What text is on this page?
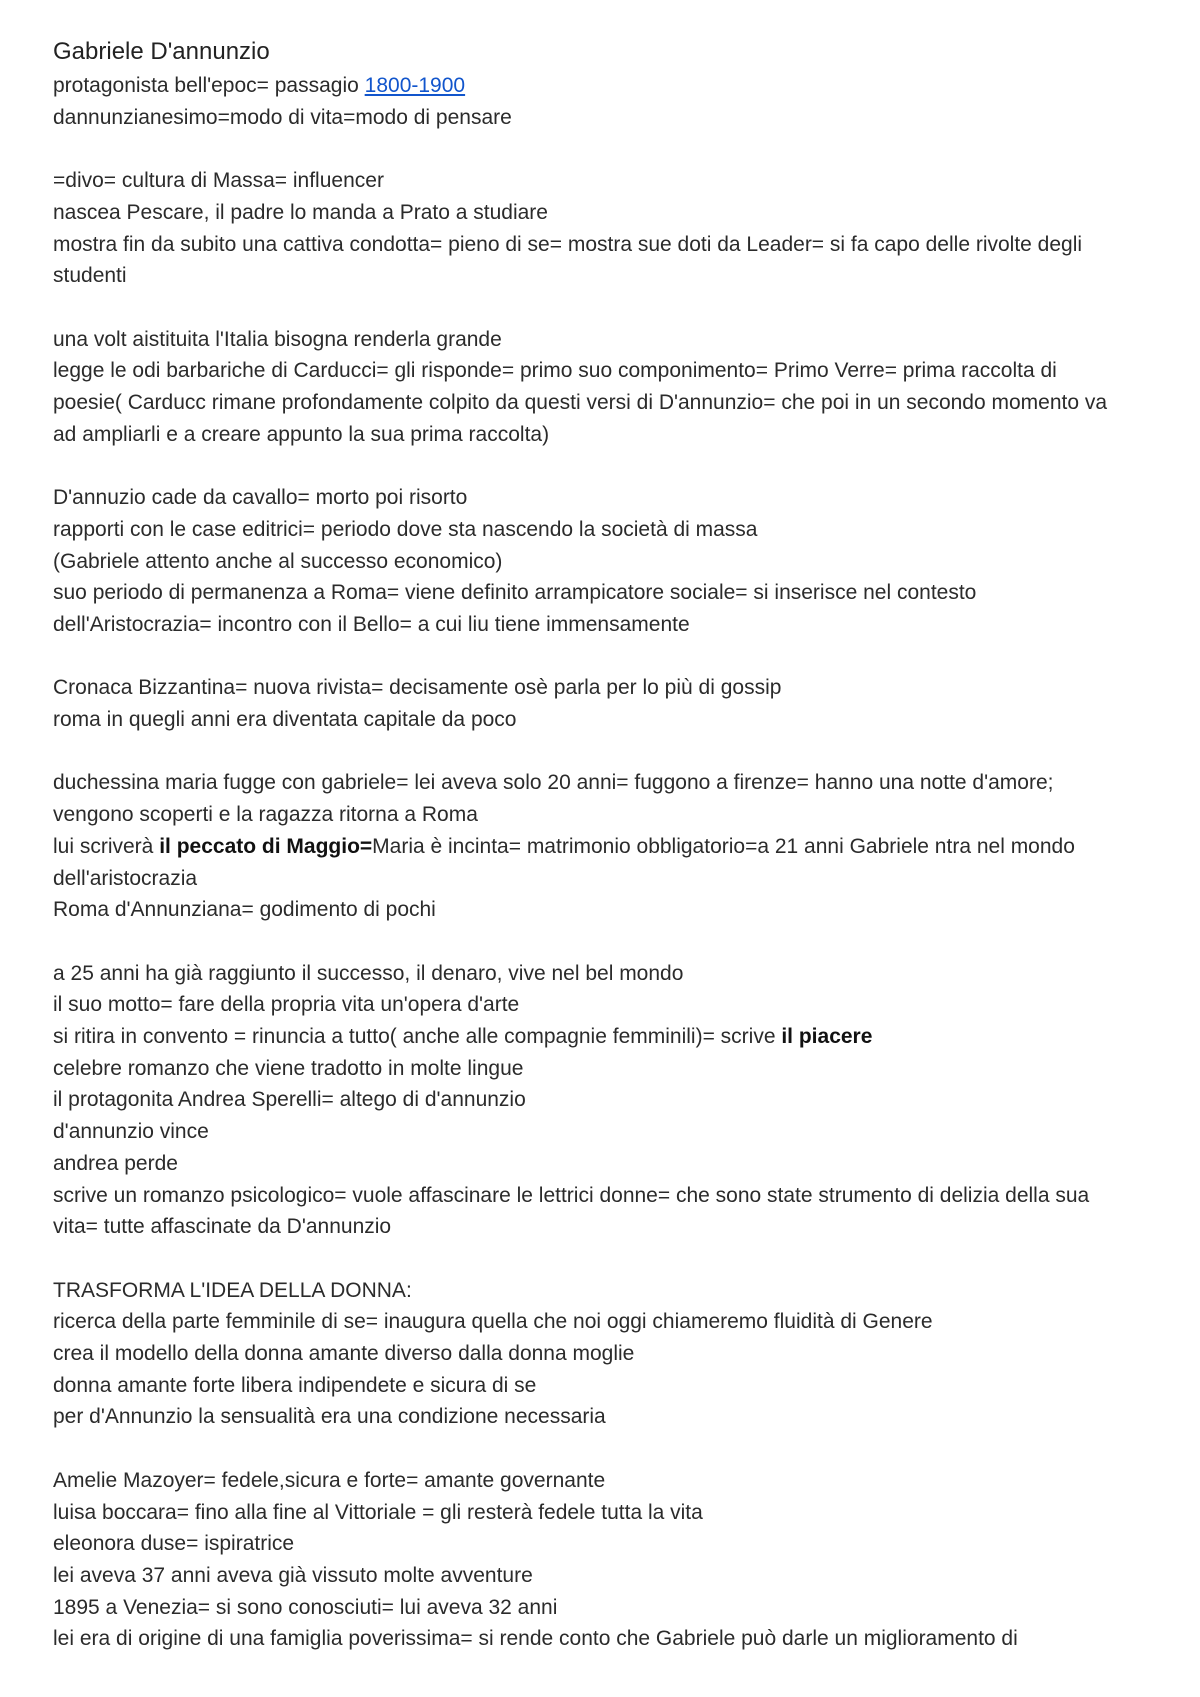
Gabriele D'annunzio

protagonista bell'epoc= passagio 1800-1900

dannunzianesimo=modo di vita=modo di pensare

=divo= cultura di Massa= influencer

nascea Pescare, il padre lo manda a Prato a studiare

mostra fin da subito una cattiva condotta= pieno di se= mostra sue doti da Leader= si fa capo delle rivolte degli studenti

una volt aistituita l'Italia bisogna renderla grande

legge le odi barbariche di Carducci= gli risponde= primo suo componimento= Primo Verre= prima raccolta di poesie( Carducc rimane profondamente colpito da questi versi di D'annunzio= che poi in un secondo momento va ad ampliarli e a creare appunto la sua prima raccolta)

D'annuzio cade da cavallo= morto poi risorto

rapporti con le case editrici= periodo dove sta nascendo la società di massa

(Gabriele attento anche al successo economico)

suo periodo di permanenza a Roma= viene definito arrampicatore sociale= si inserisce nel contesto dell'Aristocrazia= incontro con il Bello= a cui liu tiene immensamente

Cronaca Bizzantina= nuova rivista= decisamente osè parla per lo più di gossip

roma in quegli anni era diventata capitale da poco

duchessina maria fugge con gabriele= lei aveva solo 20 anni= fuggono a firenze= hanno una notte d'amore; vengono scoperti e la ragazza ritorna a Roma

lui scriverà il peccato di Maggio=Maria è incinta= matrimonio obbligatorio=a 21 anni Gabriele ntra nel mondo dell'aristocrazia

Roma d'Annunziana= godimento di pochi

a 25 anni ha già raggiunto il successo, il denaro, vive nel bel mondo

il suo motto= fare della propria vita un'opera d'arte

si ritira in convento = rinuncia a tutto( anche alle compagnie femminili)= scrive il piacere

celebre romanzo che viene tradotto in molte lingue

il protagonita Andrea Sperelli= altego di d'annunzio

d'annunzio vince

andrea perde

scrive un romanzo psicologico= vuole affascinare le lettrici donne= che sono state strumento di delizia della sua vita= tutte affascinate da D'annunzio

TRASFORMA L'IDEA DELLA DONNA:

ricerca della parte femminile di se= inaugura quella che noi oggi chiameremo fluidità di Genere

crea il modello della donna amante diverso dalla donna moglie

donna amante forte libera indipendete e sicura di se

per d'Annunzio la sensualità era una condizione necessaria

Amelie Mazoyer= fedele,sicura e forte= amante governante

luisa boccara= fino alla fine al Vittoriale = gli resterà fedele tutta la vita

eleonora duse= ispiratrice

lei aveva 37 anni aveva già vissuto molte avventure

1895 a Venezia= si sono conosciuti= lui aveva 32 anni

lei era di origine di una famiglia poverissima= si rende conto che Gabriele può darle un miglioramento di
